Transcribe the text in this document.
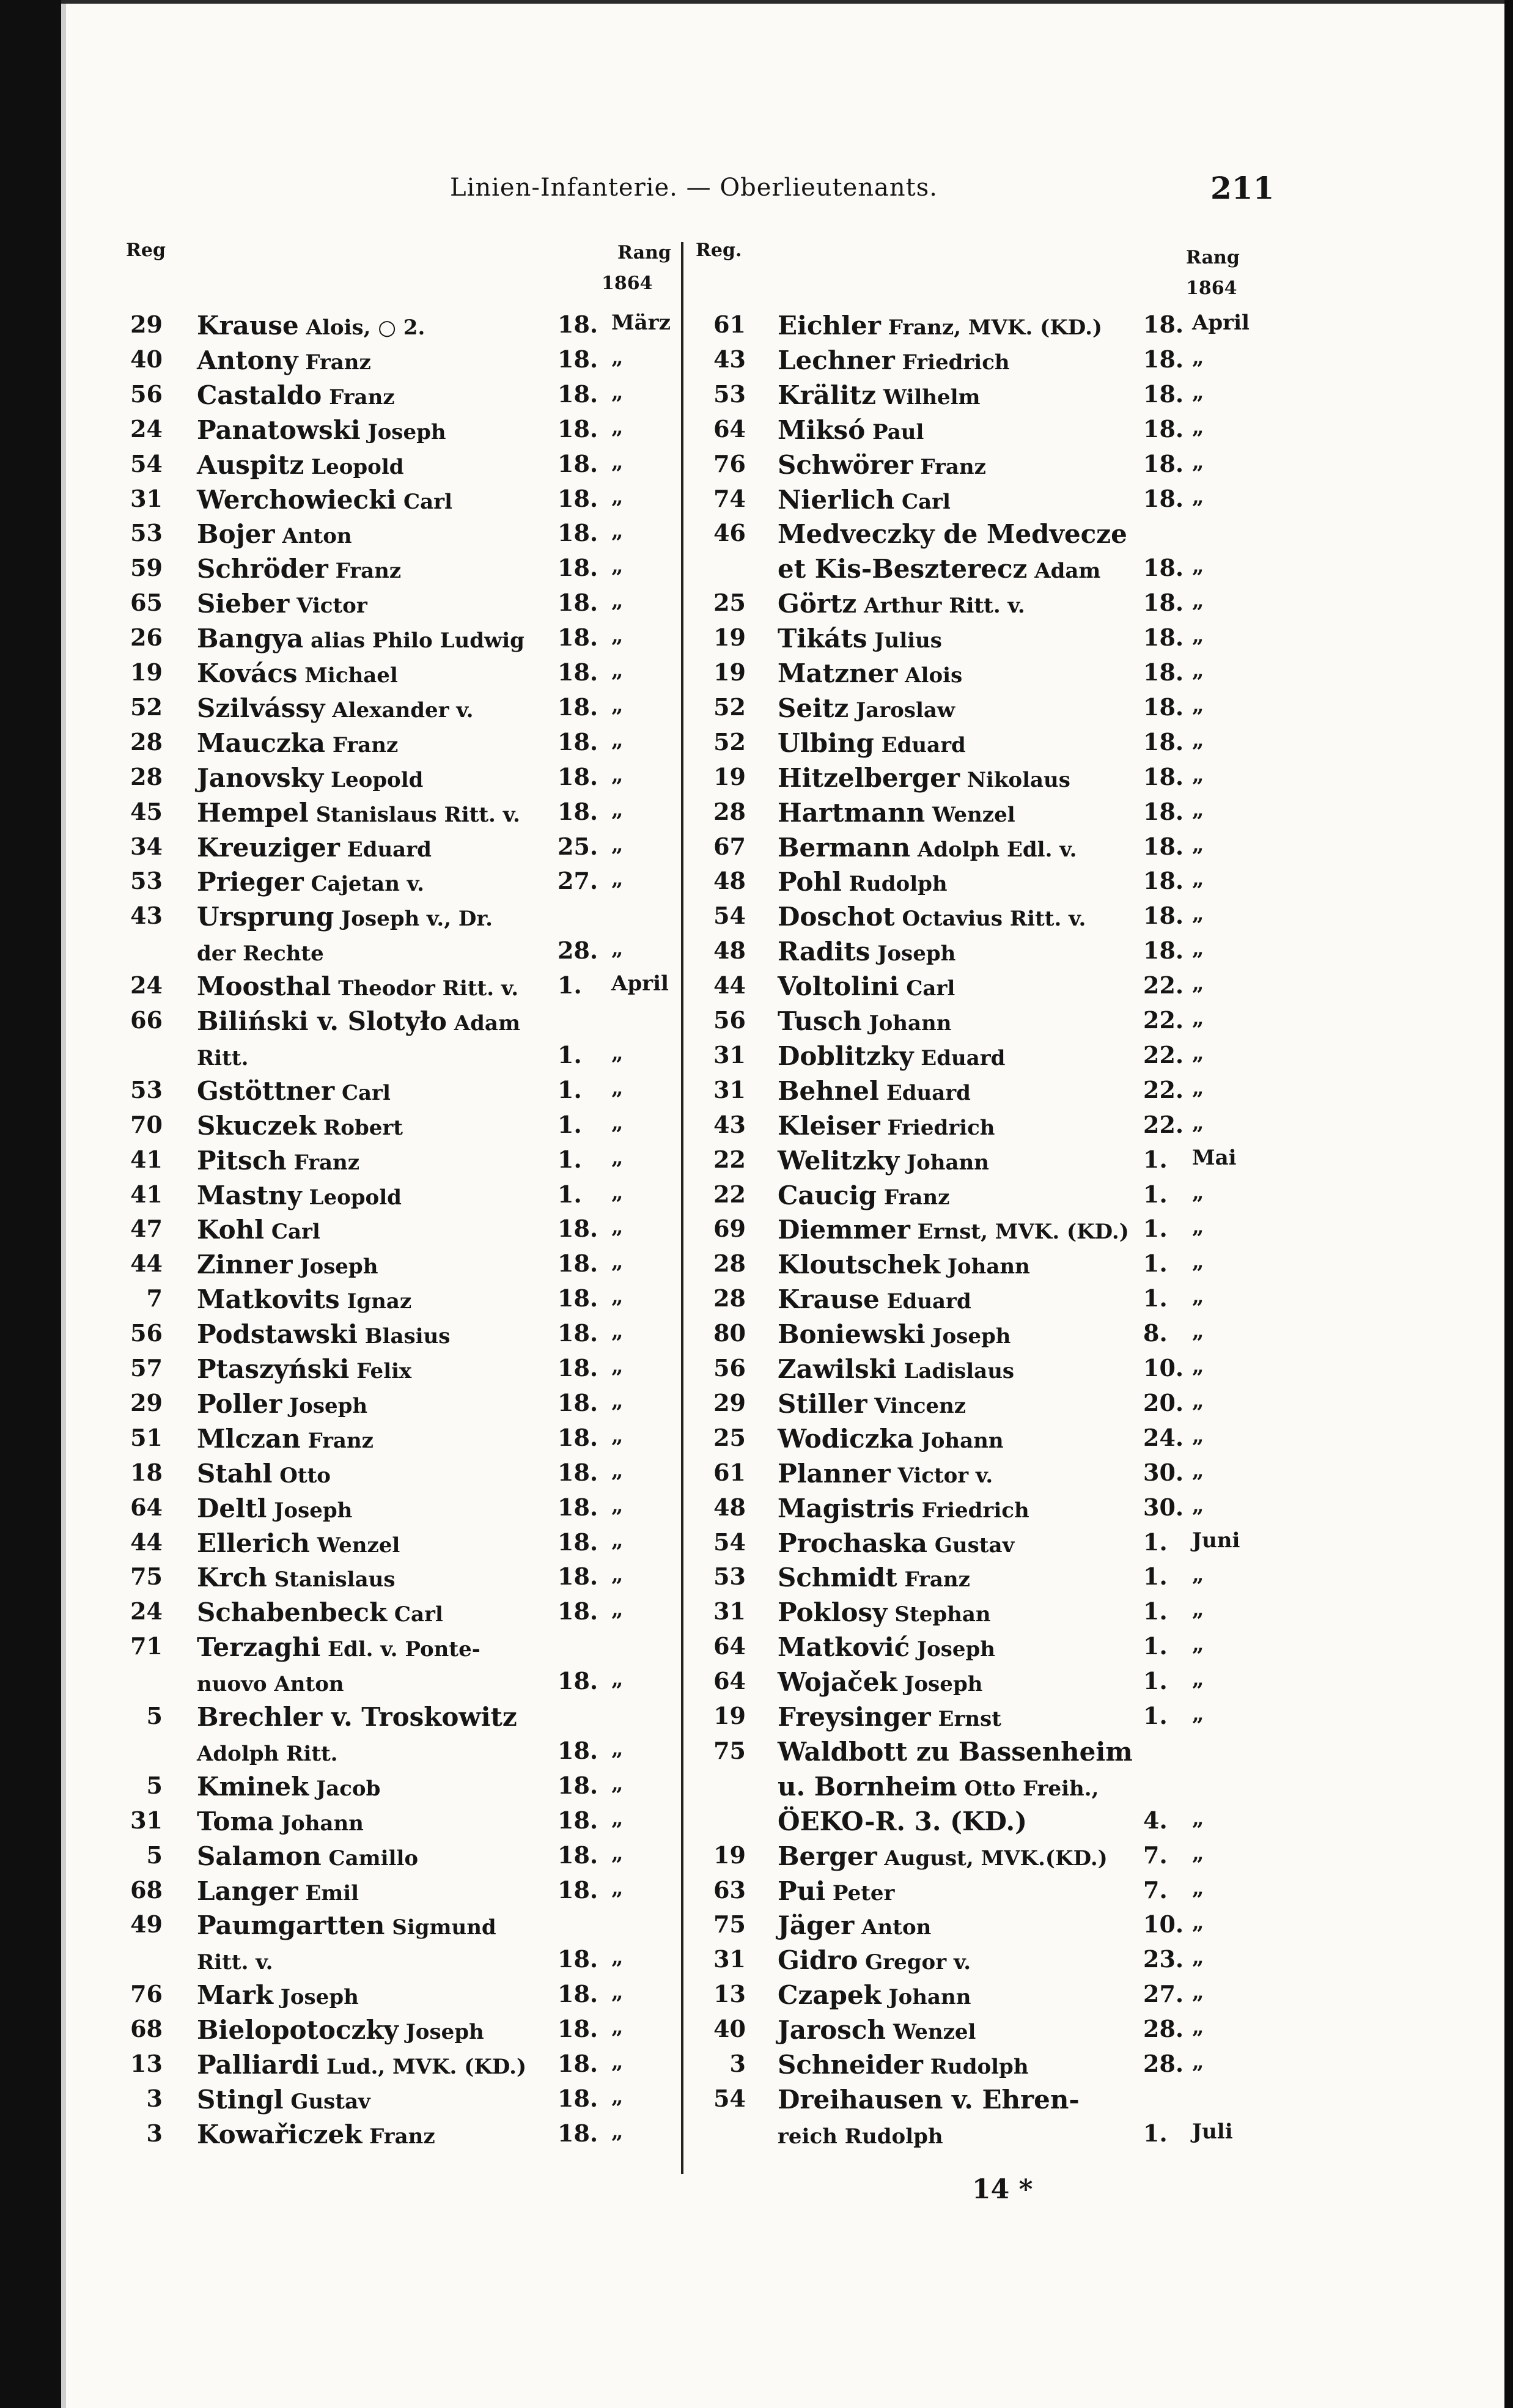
Linien-Infanterie. — Oberlieutenants.	211
Reg	Rang
1864
Reg.	Rang
1864
29 Krause Alois, ○ 2.	18. März
40 Antony Franz	18. „
56 Castaldo Franz	18. „
24 Panatowski Joseph	18. „
54 Auspitz Leopold	18. „
31 Werchowiecki Carl	18. „
53 Bojer Anton	18. „
59 Schröder Franz	18. „
65 Sieber Victor	18. „
26 Bangya alias Philo Ludwig 18. „
19 Kovács Michael	18. „
52 Szilvássy Alexander v.	18. „
28 Mauczka Franz	18. „
28 Janovsky Leopold	18. „
45 Hempel Stanislaus Ritt. v. 18. „
34 Kreuziger Eduard	25. „
53 Prieger Cajetan v.	27. „
43 Ursprung Joseph v., Dr.
der Rechte	28. „
24 Moosthal Theodor Ritt. v. 1. April
66 Biliński v. Slotyło Adam
Ritt.	1. „
53 Gstöttner Carl	1. „
70 Skuczek Robert	1. „
41 Pitsch Franz	1. „
41 Mastny Leopold	1. „
47 Kohl Carl	18. „
44 Zinner Joseph	18. „
7 Matkovits Ignaz	18. „
56 Podstawski Blasius	18. „
57 Ptaszyński Felix	18. „
29 Poller Joseph	18. „
51 Mlczan Franz	18. „
18 Stahl Otto	18. „
64 Deltl Joseph	18. „
44 Ellerich Wenzel	18. „
75 Krch Stanislaus	18. „
24 Schabenbeck Carl	18. „
71 Terzaghi Edl. v. Ponte-
nuovo Anton	18. „
5 Brechler v. Troskowitz
Adolph Ritt.	18. „
5 Kminek Jacob	18. „
31 Toma Johann	18. „
5 Salamon Camillo	18. „
68 Langer Emil	18. „
49 Paumgartten Sigmund
Ritt. v.	18. „
76 Mark Joseph	18. „
68 Bielopotoczky Joseph	18. „
13 Palliardi Lud., MVK. (KD.) 18. „
3 Stingl Gustav	18. „
3 Kowařiczek Franz	18. „
61 Eichler Franz, MVK. (KD.) 18. April
43 Lechner Friedrich	18. „
53 Krälitz Wilhelm	18. „
64 Miksó Paul	18. „
76 Schwörer Franz	18. „
74 Nierlich Carl	18. „
46 Medveczky de Medvecze
et Kis-Beszterecz Adam 18. „
25 Görtz Arthur Ritt. v.	18. „
19 Tikáts Julius	18. „
19 Matzner Alois	18. „
52 Seitz Jaroslaw	18. „
52 Ulbing Eduard	18. „
19 Hitzelberger Nikolaus	18. „
28 Hartmann Wenzel	18. „
67 Bermann Adolph Edl. v.	18. „
48 Pohl Rudolph	18. „
54 Doschot Octavius Ritt. v. 18. „
48 Radits Joseph	18. „
44 Voltolini Carl	22. „
56 Tusch Johann	22. „
31 Doblitzky Eduard	22. „
31 Behnel Eduard	22. „
43 Kleiser Friedrich	22. „
22 Welitzky Johann	1. Mai
22 Caucig Franz	1. „
69 Diemmer Ernst, MVK. (KD.) 1. „
28 Kloutschek Johann	1. „
28 Krause Eduard	1. „
80 Boniewski Joseph	8. „
56 Zawilski Ladislaus	10. „
29 Stiller Vincenz	20. „
25 Wodiczka Johann	24. „
61 Planner Victor v.	30. „
48 Magistris Friedrich	30. „
54 Prochaska Gustav	1. Juni
53 Schmidt Franz	1. „
31 Poklosy Stephan	1. „
64 Matković Joseph	1. „
64 Wojaček Joseph	1. „
19 Freysinger Ernst	1. „
75 Waldbott zu Bassenheim
u. Bornheim Otto Freih.,
ÖEKO-R. 3. (KD.)	4. „
19 Berger August, MVK.(KD.) 7. „
63 Pui Peter	7. „
75 Jäger Anton	10. „
31 Gidro Gregor v.	23. „
13 Czapek Johann	27. „
40 Jarosch Wenzel	28. „
3 Schneider Rudolph	28. „
54 Dreihausen v. Ehren-
reich Rudolph	1. Juli
14 *
